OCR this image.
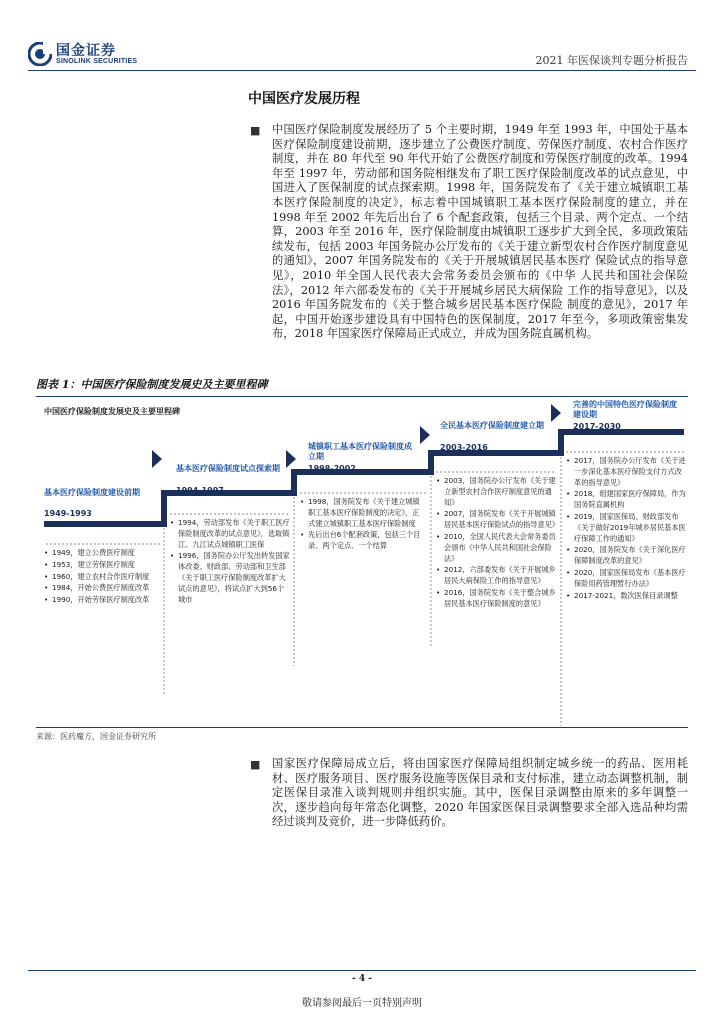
国金证券
SINOLINK SECURITIES	2021 年医保谈判专题分析报告
中国医疗发展历程
■ 中国医疗保险制度发展经历了 5 个主要时期，1949 年至 1993 年，中国处于基本医疗保险制度建设前期，逐步建立了公费医疗制度、劳保医疗制度、农村合作医疗制度，并在 80 年代至 90 年代开始了公费医疗制度和劳保医疗制度的改革。1994 年至 1997 年，劳动部和国务院相继发布了职工医疗保险制度改革的试点意见，中国进入了医保制度的试点探索期。1998 年，国务院发布了《关于建立城镇职工基本医疗保险制度的决定》，标志着中国城镇职工基本医疗保险制度的建立，并在 1998 年至 2002 年先后出台了 6 个配套政策，包括三个目录、两个定点、一个结算，2003 年至 2016 年，医疗保险制度由城镇职工逐步扩大到全民，多项政策陆续发布，包括 2003 年国务院办公厅发布的《关于建立新型农村合作医疗制度意见的通知》，2007 年国务院发布的《关于开展城镇居民基本医疗 保险试点的指导意见》，2010 年全国人民代表大会常务委员会颁布的《中华 人民共和国社会保险法》，2012 年六部委发布的《关于开展城乡居民大病保险 工作的指导意见》，以及 2016 年国务院发布的《关于整合城乡居民基本医疗保险 制度的意见》，2017 年起，中国开始逐步建设具有中国特色的医保制度，2017 年至今，多项政策密集发布，2018 年国家医疗保障局正式成立，并成为国务院直属机构。
图表 1：中国医疗保险制度发展史及主要里程碑
中国医疗保险制度发展史及主要里程碑
基本医疗保险制度建设前期
1949-1993
基本医疗保险制度试点探索期
1994-1997
城镇职工基本医疗保险制度成立期
1998-2002
全民基本医疗保险制度建立期
2003-2016
完善的中国特色医疗保险制度建设期
2017-2030
• 1949，建立公费医疗制度
• 1953，建立劳保医疗制度
• 1960，建立农村合作医疗制度
• 1984，开始公费医疗制度改革
• 1990，开始劳保医疗制度改革
• 1994，劳动部发布《关于职工医疗保险制度改革的试点意见》，选取镇江、九江试点城镇职工医保
• 1996，国务院办公厅发出转发国家体改委、财政部、劳动部和卫生部《关于职工医疗保险制度改革扩大试点的意见》，将试点扩大到56个城市
• 1998，国务院发布《关于建立城镇职工基本医疗保险制度的决定》，正式建立城镇职工基本医疗保险制度
• 先后出台6个配套政策，包括三个目录、两个定点、一个结算
• 2003，国务院办公厅发布《关于建立新型农村合作医疗制度意见的通知》
• 2007，国务院发布《关于开展城镇居民基本医疗保险试点的指导意见》
• 2010，全国人民代表大会常务委员会颁布《中华人民共和国社会保险法》
• 2012，六部委发布《关于开展城乡居民大病保险工作的指导意见》
• 2016，国务院发布《关于整合城乡居民基本医疗保险制度的意见》
• 2017，国务院办公厅发布《关于进一步深化基本医疗保险支付方式改革的指导意见》
• 2018，组建国家医疗保障局，作为国务院直属机构
• 2019，国家医保局、财政部发布《关于做好2019年城乡居民基本医疗保障工作的通知》
• 2020，国务院发布《关于深化医疗保障制度改革的意见》
• 2020，国家医保局发布《基本医疗保险用药管理暂行办法》
• 2017-2021，数次医保目录调整
来源：医药魔方，国金证券研究所
■ 国家医疗保障局成立后，将由国家医疗保障局组织制定城乡统一的药品、医用耗材、医疗服务项目、医疗服务设施等医保目录和支付标准，建立动态调整机制，制定医保目录准入谈判规则并组织实施。其中，医保目录调整由原来的多年调整一次，逐步趋向每年常态化调整，2020 年国家医保目录调整要求全部入选品种均需经过谈判及竞价，进一步降低药价。
- 4 -
敬请参阅最后一页特别声明
